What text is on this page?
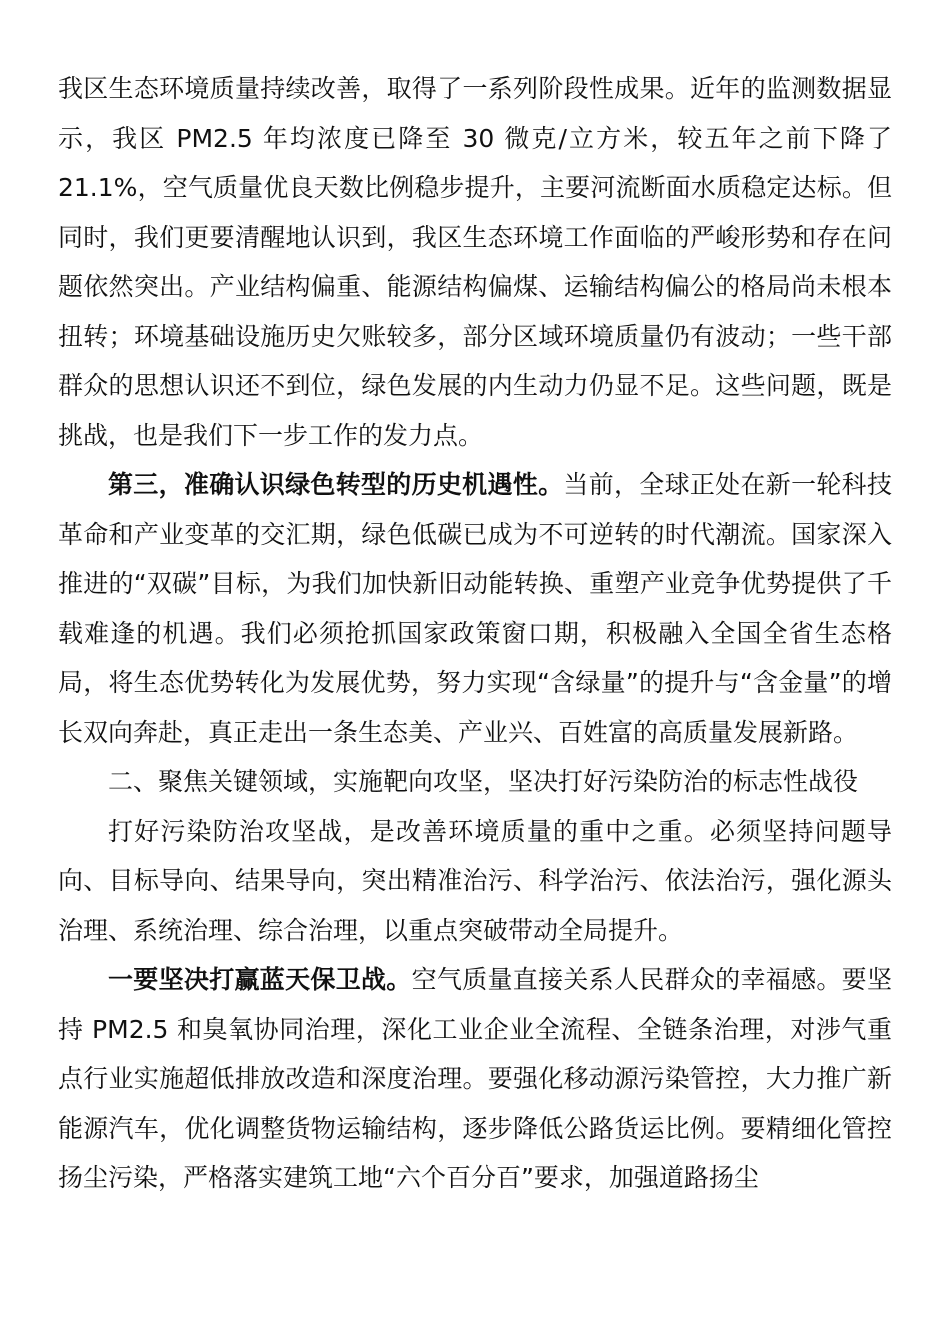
我区生态环境质量持续改善，取得了一系列阶段性成果。近年的监测数据显示，我区 PM2.5 年均浓度已降至 30 微克/立方米，较五年之前下降了 21.1%，空气质量优良天数比例稳步提升，主要河流断面水质稳定达标。但同时，我们更要清醒地认识到，我区生态环境工作面临的严峻形势和存在问题依然突出。产业结构偏重、能源结构偏煤、运输结构偏公的格局尚未根本扭转；环境基础设施历史欠账较多，部分区域环境质量仍有波动；一些干部群众的思想认识还不到位，绿色发展的内生动力仍显不足。这些问题，既是挑战，也是我们下一步工作的发力点。

第三，准确认识绿色转型的历史机遇性。当前，全球正处在新一轮科技革命和产业变革的交汇期，绿色低碳已成为不可逆转的时代潮流。国家深入推进的“双碳”目标，为我们加快新旧动能转换、重塑产业竞争优势提供了千载难逢的机遇。我们必须抢抓国家政策窗口期，积极融入全国全省生态格局，将生态优势转化为发展优势，努力实现“含绿量”的提升与“含金量”的增长双向奔赴，真正走出一条生态美、产业兴、百姓富的高质量发展新路。

二、聚焦关键领域，实施靶向攻坚，坚决打好污染防治的标志性战役

打好污染防治攻坚战，是改善环境质量的重中之重。必须坚持问题导向、目标导向、结果导向，突出精准治污、科学治污、依法治污，强化源头治理、系统治理、综合治理，以重点突破带动全局提升。

一要坚决打赢蓝天保卫战。空气质量直接关系人民群众的幸福感。要坚持 PM2.5 和臭氧协同治理，深化工业企业全流程、全链条治理，对涉气重点行业实施超低排放改造和深度治理。要强化移动源污染管控，大力推广新能源汽车，优化调整货物运输结构，逐步降低公路货运比例。要精细化管控扬尘污染，严格落实建筑工地“六个百分百”要求，加强道路扬尘
